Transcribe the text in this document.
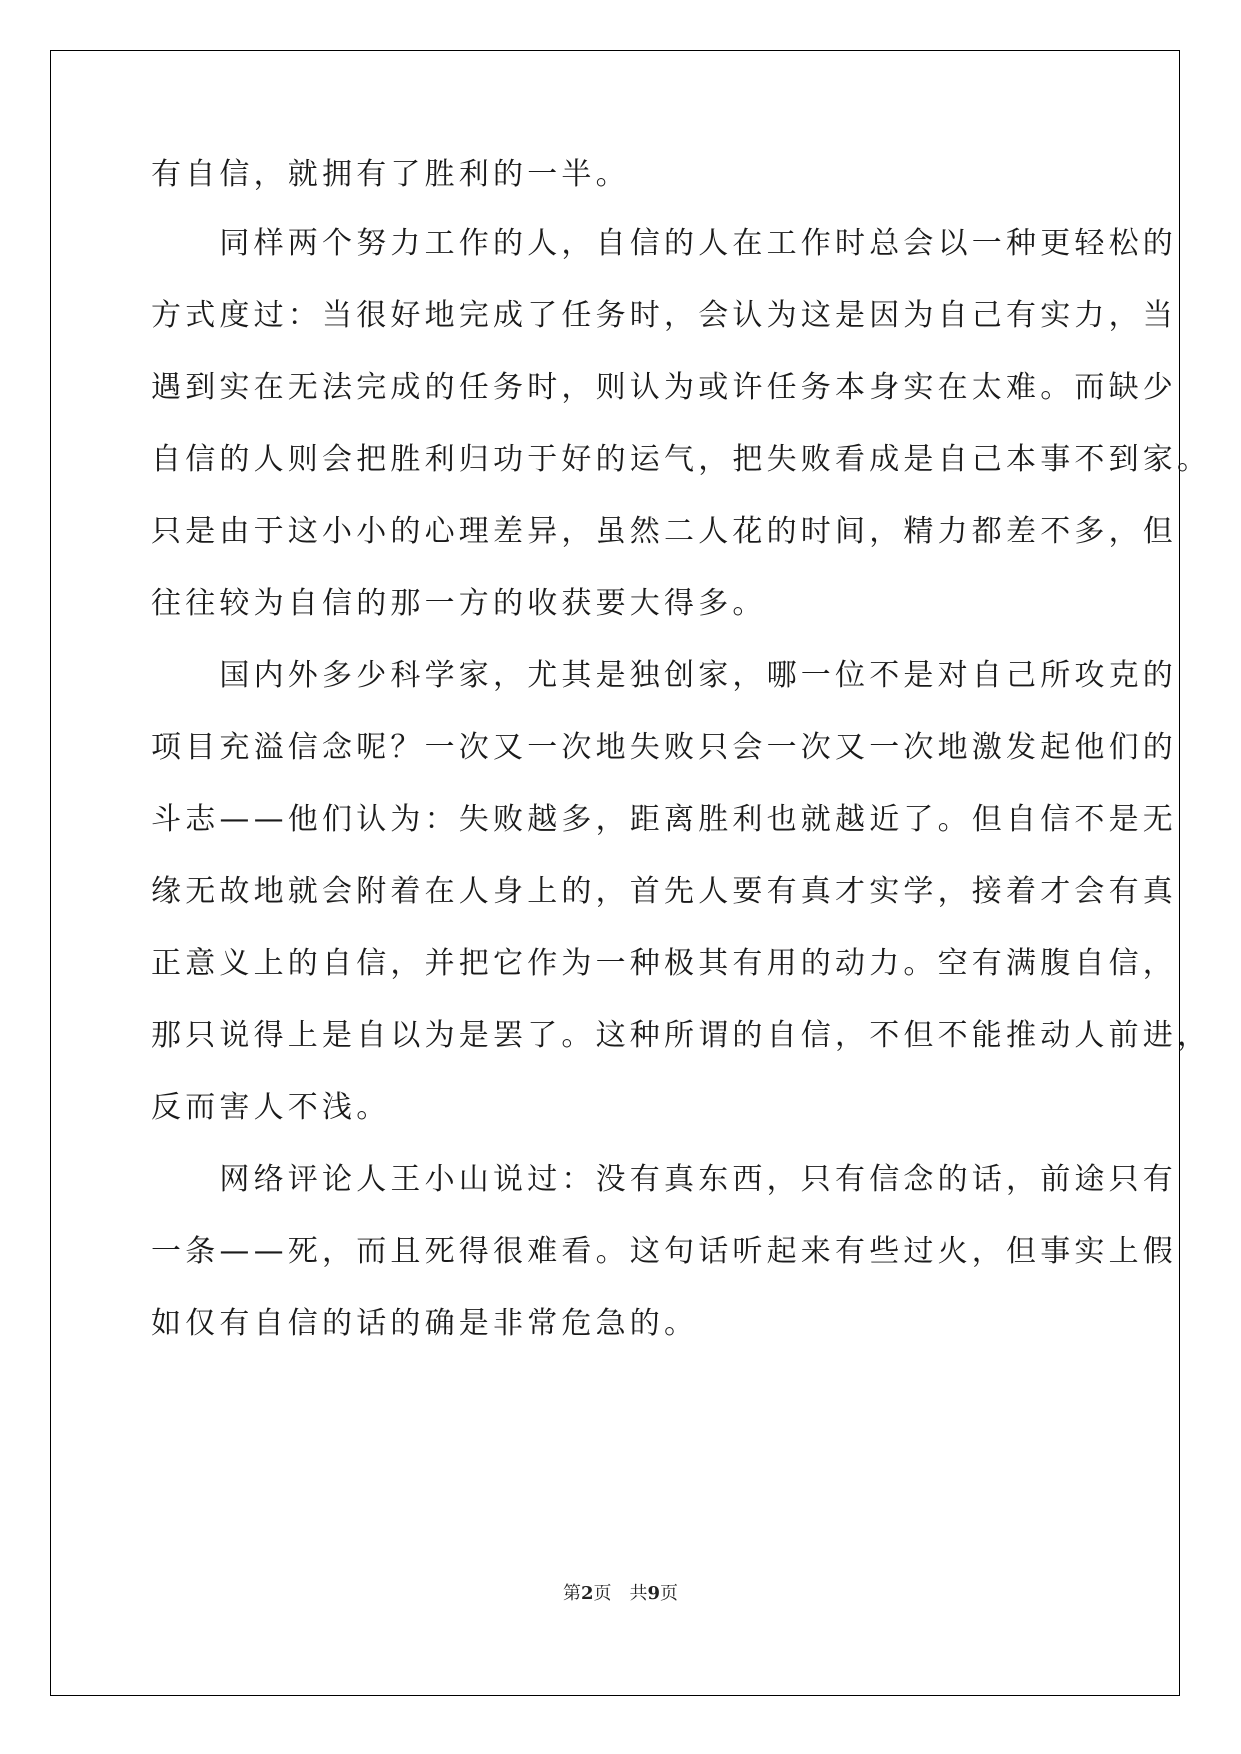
有自信，就拥有了胜利的一半。
　　同样两个努力工作的人，自信的人在工作时总会以一种更轻松的
方式度过：当很好地完成了任务时，会认为这是因为自己有实力，当
遇到实在无法完成的任务时，则认为或许任务本身实在太难。而缺少
自信的人则会把胜利归功于好的运气，把失败看成是自己本事不到家。
只是由于这小小的心理差异，虽然二人花的时间，精力都差不多，但
往往较为自信的那一方的收获要大得多。
　　国内外多少科学家，尤其是独创家，哪一位不是对自己所攻克的
项目充溢信念呢？一次又一次地失败只会一次又一次地激发起他们的
斗志——他们认为：失败越多，距离胜利也就越近了。但自信不是无
缘无故地就会附着在人身上的，首先人要有真才实学，接着才会有真
正意义上的自信，并把它作为一种极其有用的动力。空有满腹自信，
那只说得上是自以为是罢了。这种所谓的自信，不但不能推动人前进，
反而害人不浅。
　　网络评论人王小山说过：没有真东西，只有信念的话，前途只有
一条——死，而且死得很难看。这句话听起来有些过火，但事实上假
如仅有自信的话的确是非常危急的。
第2页 共9页
